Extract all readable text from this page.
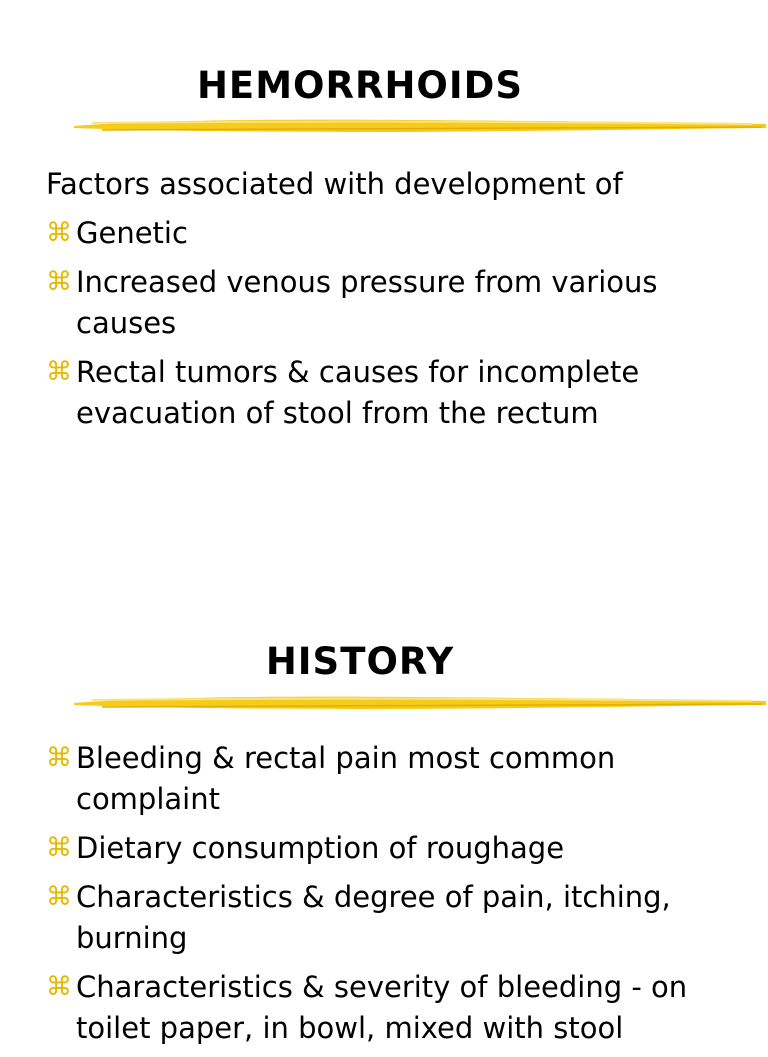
HEMORRHOIDS

Factors associated with development of

⌘ Genetic
⌘ Increased venous pressure from various causes
⌘ Rectal tumors & causes for incomplete evacuation of stool from the rectum
HISTORY
⌘ Bleeding & rectal pain most common complaint
⌘ Dietary consumption of roughage
⌘ Characteristics & degree of pain, itching, burning
⌘ Characteristics & severity of bleeding - on toilet paper, in bowl, mixed with stool
